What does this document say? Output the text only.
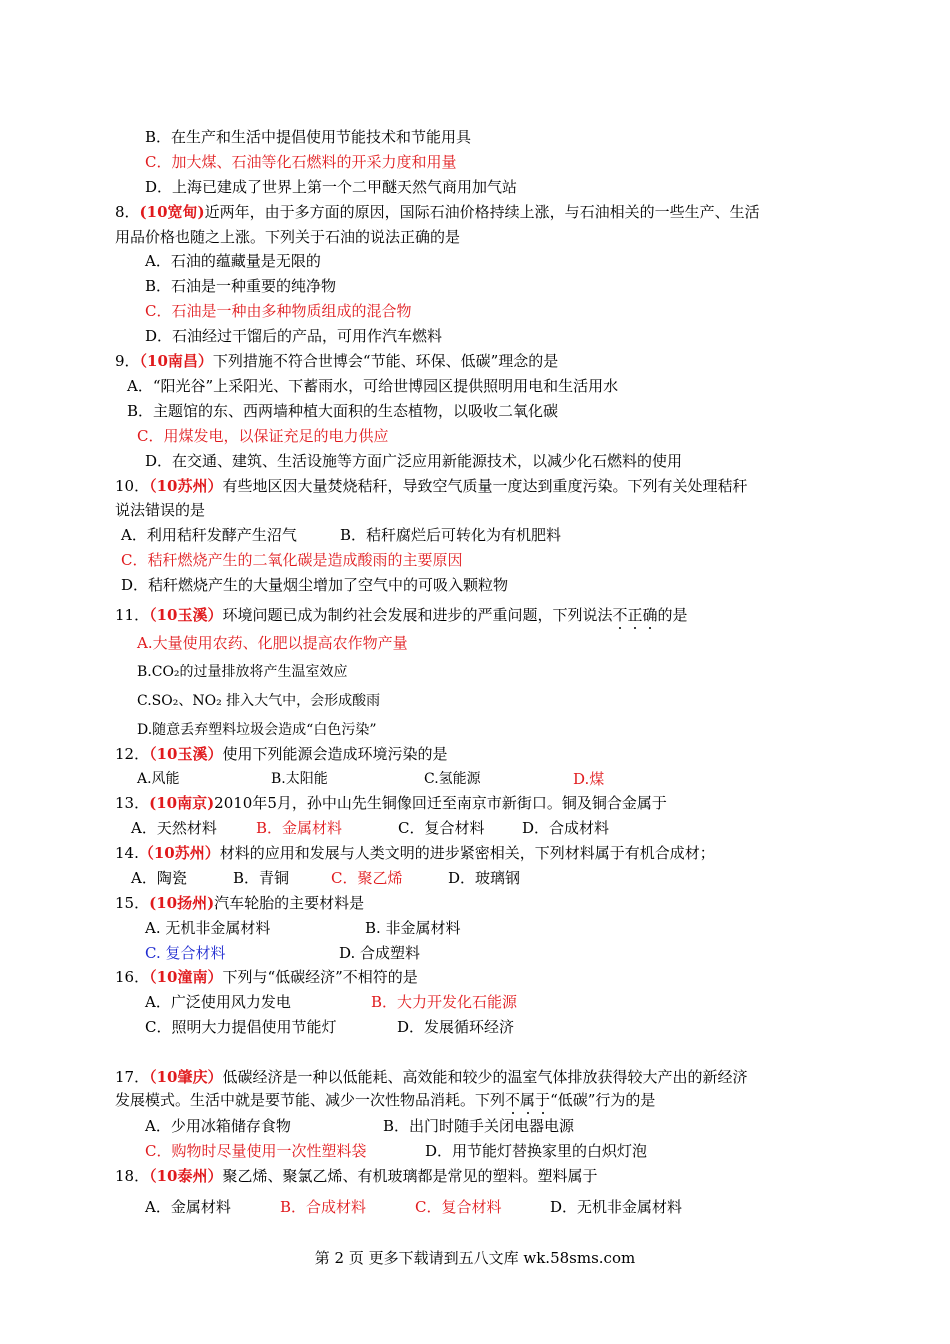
B．在生产和生活中提倡使用节能技术和节能用具
C．加大煤、石油等化石燃料的开采力度和用量
D．上海已建成了世界上第一个二甲醚天然气商用加气站
8．(10宽甸)近两年，由于多方面的原因，国际石油价格持续上涨，与石油相关的一些生产、生活
用品价格也随之上涨。下列关于石油的说法正确的是
A．石油的蕴藏量是无限的
B．石油是一种重要的纯净物
C．石油是一种由多种物质组成的混合物
D．石油经过干馏后的产品，可用作汽车燃料
9．（10南昌）下列措施不符合世博会“节能、环保、低碳”理念的是
A．“阳光谷”上采阳光、下蓄雨水，可给世博园区提供照明用电和生活用水
B．主题馆的东、西两墙种植大面积的生态植物，以吸收二氧化碳
C．用煤发电，以保证充足的电力供应
D．在交通、建筑、生活设施等方面广泛应用新能源技术，以减少化石燃料的使用
10．（10苏州）有些地区因大量焚烧秸秆，导致空气质量一度达到重度污染。下列有关处理秸秆
说法错误的是
A．利用秸秆发酵产生沼气	B．秸秆腐烂后可转化为有机肥料
C．秸秆燃烧产生的二氧化碳是造成酸雨的主要原因
D．秸秆燃烧产生的大量烟尘增加了空气中的可吸入颗粒物
11．（10玉溪）环境问题已成为制约社会发展和进步的严重问题，下列说法不正确的是
A.大量使用农药、化肥以提高农作物产量
B.CO₂的过量排放将产生温室效应
C.SO₂、NO₂ 排入大气中，会形成酸雨
D.随意丢弃塑料垃圾会造成“白色污染”
12．（10玉溪）使用下列能源会造成环境污染的是
A.风能	B.太阳能	C.氢能源	D.煤
13．(10南京)2010年5月，孙中山先生铜像回迁至南京市新街口。铜及铜合金属于
A．天然材料	B．金属材料	C．复合材料	D．合成材料
14.（10苏州）材料的应用和发展与人类文明的进步紧密相关，下列材料属于有机合成材；
A．陶瓷	B．青铜	C．聚乙烯	D．玻璃钢
15．(10扬州)汽车轮胎的主要材料是
A. 无机非金属材料	B. 非金属材料
C. 复合材料	D. 合成塑料
16．（10潼南）下列与“低碳经济”不相符的是
A．广泛使用风力发电	B．大力开发化石能源
C．照明大力提倡使用节能灯	D．发展循环经济
17．（10肇庆）低碳经济是一种以低能耗、高效能和较少的温室气体排放获得较大产出的新经济
发展模式。生活中就是要节能、减少一次性物品消耗。下列不属于“低碳”行为的是
A．少用冰箱储存食物	B．出门时随手关闭电器电源
C．购物时尽量使用一次性塑料袋	D．用节能灯替换家里的白炽灯泡
18．（10泰州）聚乙烯、聚氯乙烯、有机玻璃都是常见的塑料。塑料属于
A．金属材料	B．合成材料	C．复合材料	D．无机非金属材料
第 2 页 更多下载请到五八文库 wk.58sms.com
